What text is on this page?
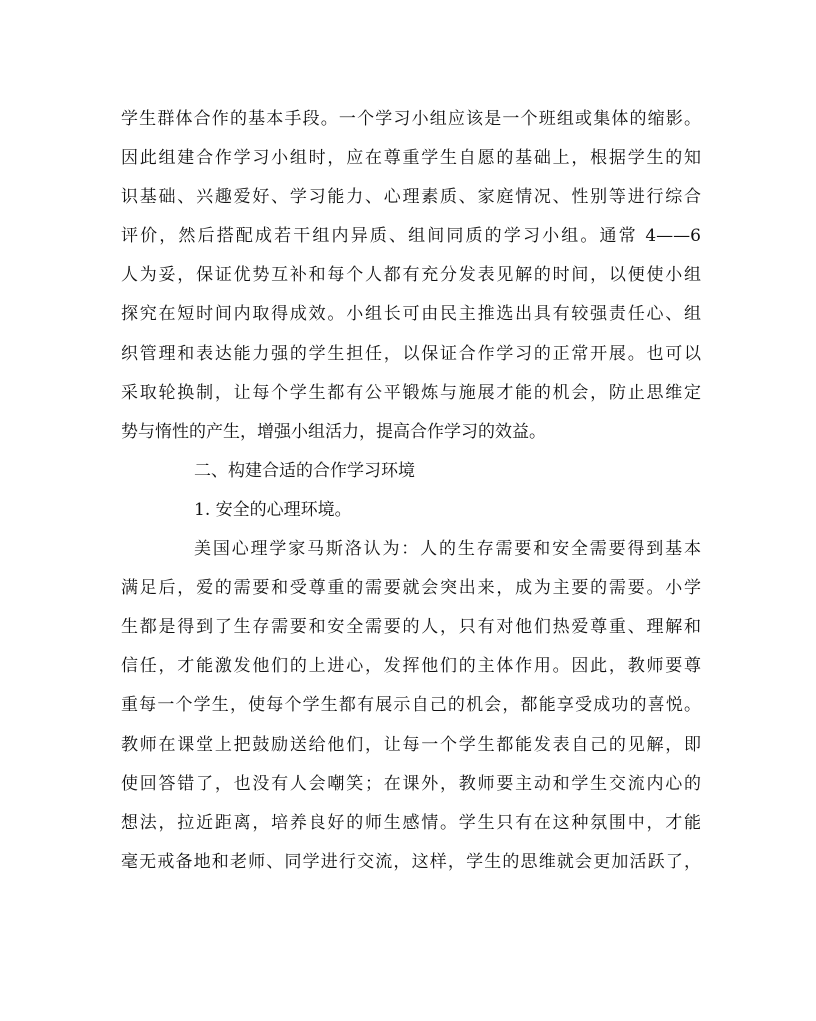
学生群体合作的基本手段。一个学习小组应该是一个班组或集体的缩影。
因此组建合作学习小组时，应在尊重学生自愿的基础上，根据学生的知
识基础、兴趣爱好、学习能力、心理素质、家庭情况、性别等进行综合
评价，然后搭配成若干组内异质、组间同质的学习小组。通常 4——6
人为妥，保证优势互补和每个人都有充分发表见解的时间，以便使小组
探究在短时间内取得成效。小组长可由民主推选出具有较强责任心、组
织管理和表达能力强的学生担任，以保证合作学习的正常开展。也可以
采取轮换制，让每个学生都有公平锻炼与施展才能的机会，防止思维定
势与惰性的产生，增强小组活力，提高合作学习的效益。
二、构建合适的合作学习环境
1. 安全的心理环境。
美国心理学家马斯洛认为：人的生存需要和安全需要得到基本
满足后，爱的需要和受尊重的需要就会突出来，成为主要的需要。小学
生都是得到了生存需要和安全需要的人，只有对他们热爱尊重、理解和
信任，才能激发他们的上进心，发挥他们的主体作用。因此，教师要尊
重每一个学生，使每个学生都有展示自己的机会，都能享受成功的喜悦。
教师在课堂上把鼓励送给他们，让每一个学生都能发表自己的见解，即
使回答错了，也没有人会嘲笑；在课外，教师要主动和学生交流内心的
想法，拉近距离，培养良好的师生感情。学生只有在这种氛围中，才能
毫无戒备地和老师、同学进行交流，这样，学生的思维就会更加活跃了，
